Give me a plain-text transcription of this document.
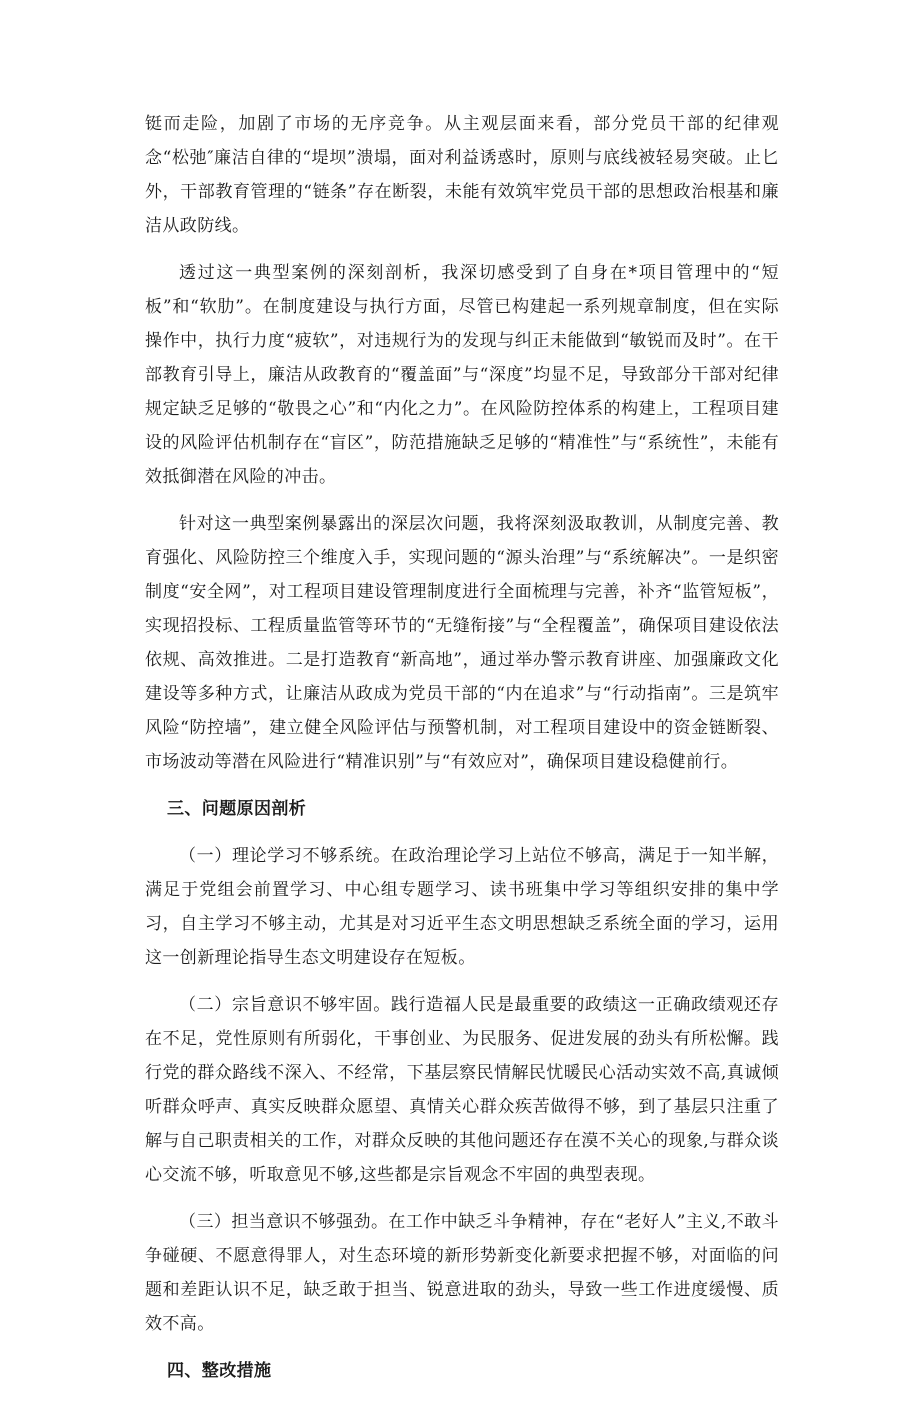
铤而走险，加剧了市场的无序竞争。从主观层面来看，部分党员干部的纪律观念“松弛″廉洁自律的“堤坝”溃塌，面对利益诱惑时，原则与底线被轻易突破。止匕外，干部教育管理的“链条”存在断裂，未能有效筑牢党员干部的思想政治根基和廉洁从政防线。

透过这一典型案例的深刻剖析，我深切感受到了自身在*项目管理中的“短板”和“软肋”。在制度建设与执行方面，尽管已构建起一系列规章制度，但在实际操作中，执行力度“疲软”，对违规行为的发现与纠正未能做到“敏锐而及时”。在干部教育引导上，廉洁从政教育的“覆盖面”与“深度”均显不足，导致部分干部对纪律规定缺乏足够的“敬畏之心”和“内化之力”。在风险防控体系的构建上，工程项目建设的风险评估机制存在“盲区”，防范措施缺乏足够的“精准性”与“系统性”，未能有效抵御潜在风险的冲击。

针对这一典型案例暴露出的深层次问题，我将深刻汲取教训，从制度完善、教育强化、风险防控三个维度入手，实现问题的“源头治理”与“系统解决”。一是织密制度“安全网”，对工程项目建设管理制度进行全面梳理与完善，补齐“监管短板”，实现招投标、工程质量监管等环节的“无缝衔接”与“全程覆盖”，确保项目建设依法依规、高效推进。二是打造教育“新高地”，通过举办警示教育讲座、加强廉政文化建设等多种方式，让廉洁从政成为党员干部的“内在追求”与“行动指南”。三是筑牢风险“防控墙”，建立健全风险评估与预警机制，对工程项目建设中的资金链断裂、市场波动等潜在风险进行“精准识别”与“有效应对”，确保项目建设稳健前行。

三、问题原因剖析

（一）理论学习不够系统。在政治理论学习上站位不够高，满足于一知半解，满足于党组会前置学习、中心组专题学习、读书班集中学习等组织安排的集中学习，自主学习不够主动，尤其是对习近平生态文明思想缺乏系统全面的学习，运用这一创新理论指导生态文明建设存在短板。

（二）宗旨意识不够牢固。践行造福人民是最重要的政绩这一正确政绩观还存在不足，党性原则有所弱化，干事创业、为民服务、促进发展的劲头有所松懈。践行党的群众路线不深入、不经常，下基层察民情解民忧暖民心活动实效不高,真诚倾听群众呼声、真实反映群众愿望、真情关心群众疾苦做得不够，到了基层只注重了解与自己职责相关的工作，对群众反映的其他问题还存在漠不关心的现象,与群众谈心交流不够，听取意见不够,这些都是宗旨观念不牢固的典型表现。

（三）担当意识不够强劲。在工作中缺乏斗争精神，存在“老好人”主义,不敢斗争碰硬、不愿意得罪人，对生态环境的新形势新变化新要求把握不够，对面临的问题和差距认识不足，缺乏敢于担当、锐意进取的劲头，导致一些工作进度缓慢、质效不高。

四、整改措施
